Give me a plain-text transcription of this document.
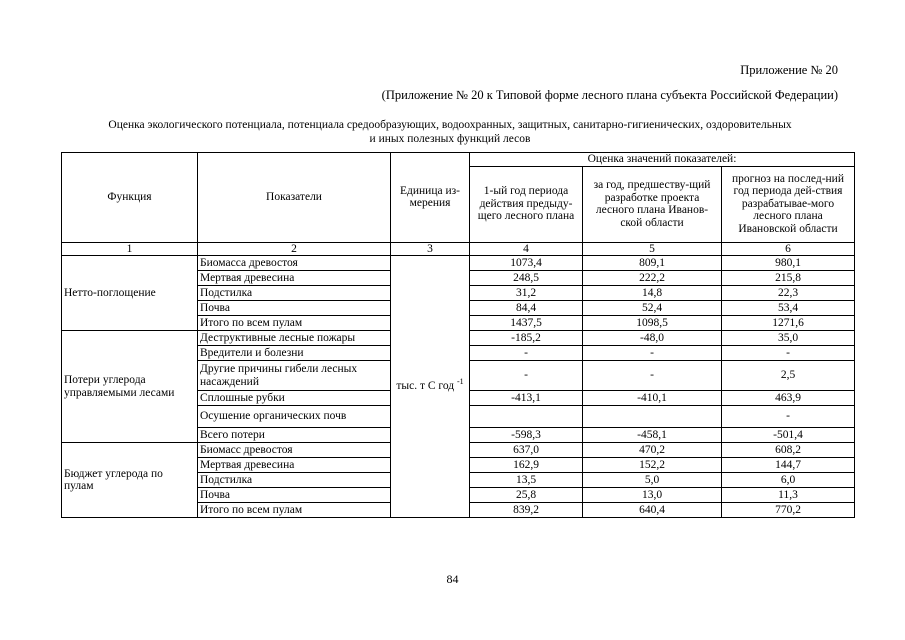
Приложение № 20
(Приложение № 20 к Типовой форме лесного плана субъекта Российской Федерации)
Оценка экологического потенциала, потенциала средообразующих, водоохранных, защитных, санитарно-гигиенических, оздоровительных
и иных полезных функций лесов
Функция	Показатели	Единица из-мерения	Оценка значений показателей:		
			1-ый год периода действия предыду-щего лесного плана	за год, предшеству-щий разработке проекта лесного плана Иванов-ской области	прогноз на послед-ний год периода дей-ствия разрабатывае-мого лесного плана Ивановской области
1	2	3	4	5	6
Нетто-поглощение	Биомасса древостоя	тыс. т С год $^{-1}$	1073,4	809,1	980,1
	Мертвая древесина		248,5	222,2	215,8
	Подстилка		31,2	14,8	22,3
	Почва		84,4	52,4	53,4
	Итого по всем пулам		1437,5	1098,5	1271,6
Потери углерода управляемыми лесами	Деструктивные лесные пожары		-185,2	-48,0	35,0
	Вредители и болезни		-	-	-
	Другие причины гибели лесных насаждений		-	-	2,5
	Сплошные рубки		-413,1	-410,1	463,9
	Осушение органических почв				-
	Всего потери		-598,3	-458,1	-501,4
Бюджет углерода по пулам	Биомасс древостоя		637,0	470,2	608,2
	Мертвая древесина		162,9	152,2	144,7
	Подстилка		13,5	5,0	6,0
	Почва		25,8	13,0	11,3
	Итого по всем пулам		839,2	640,4	770,2
84
